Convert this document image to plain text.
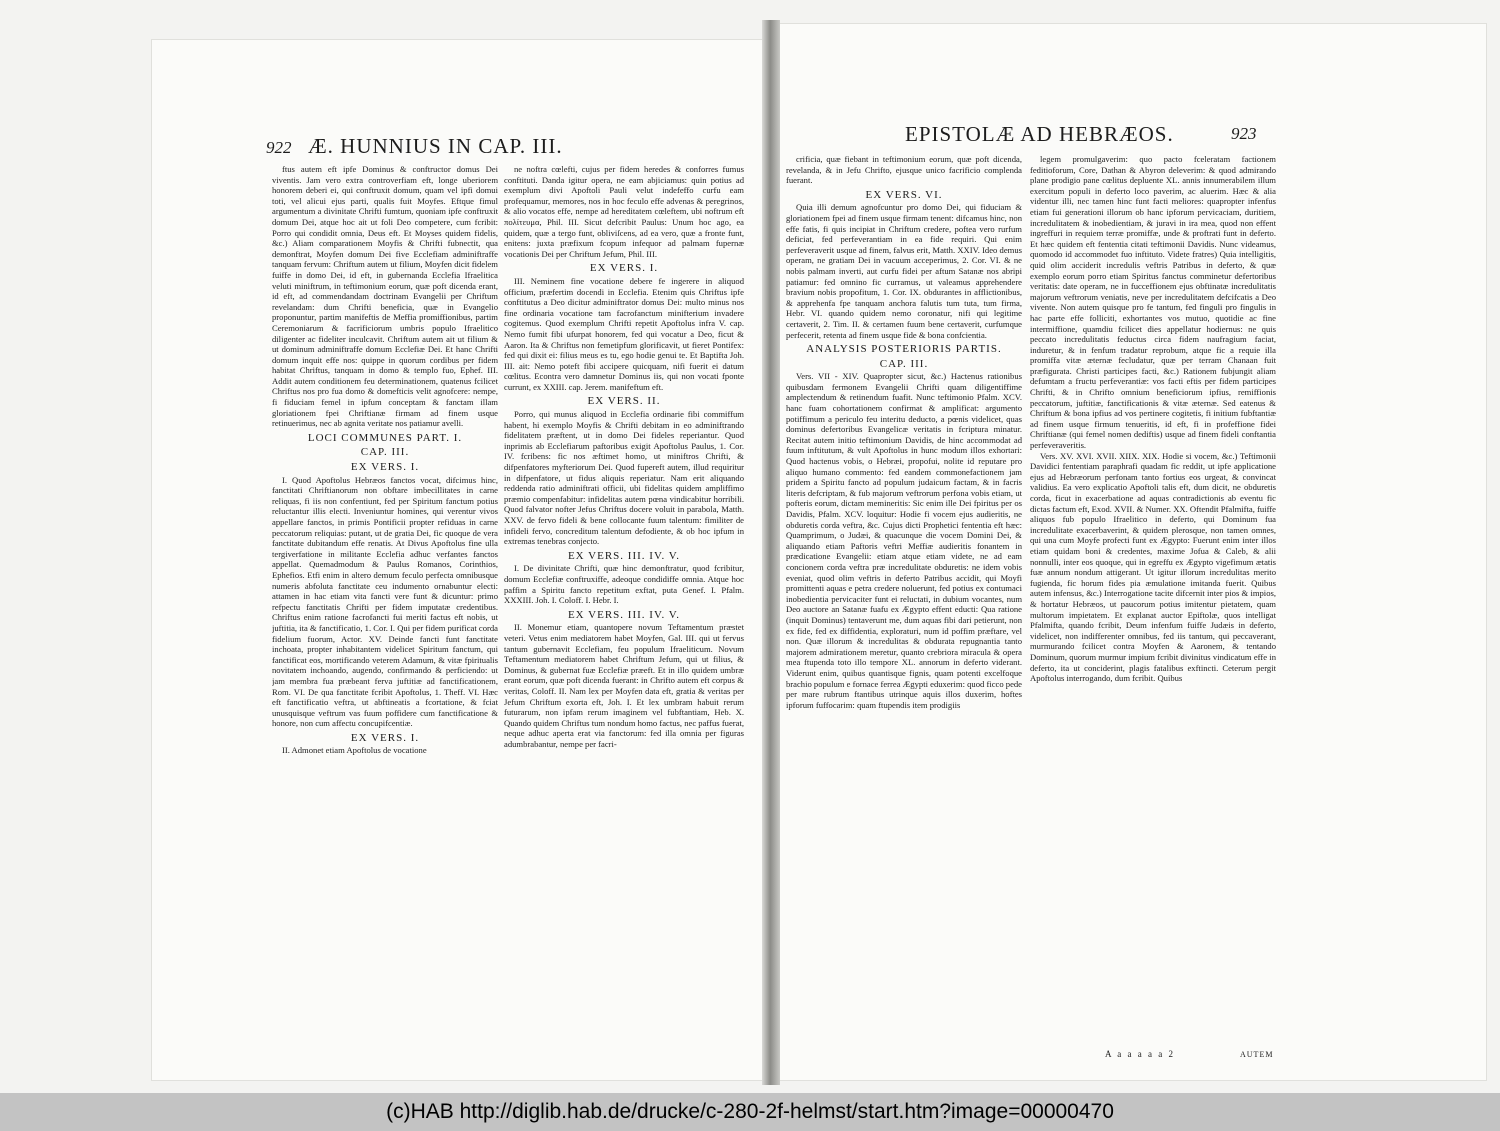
922 Æ. HUNNIUS IN CAP. III.

ftus autem eft ipfe Dominus & conftructor domus Dei viventis. Jam vero extra controverfiam eft, longe uberiorem honorem deberi ei, qui conftruxit domum, quam vel ipfi domui toti, vel alicui ejus parti, qualis fuit Moyfes. Eftque fimul argumentum a divinitate Chrifti fumtum, quoniam ipfe conftruxit domum Dei, atque hoc ait ut foli Deo competere, cum fcribit: Porro qui condidit omnia, Deus eft. Et Moyses quidem fidelis, &c.) Aliam comparationem Moyfis & Chrifti fubnectit, qua demonftrat, Moyfen domum Dei five Ecclefiam adminiftraffe tanquam fervum: Chriftum autem ut filium, Moyfen dicit fidelem fuiffe in domo Dei, id eft, in gubernanda Ecclefia Ifraelitica veluti miniftrum, in teftimonium eorum, quæ poft dicenda erant, id eft, ad commendandam doctrinam Evangelii per Chriftum revelandam: dum Chrifti beneficia, quæ in Evangelio proponuntur, partim manifeftis de Meffia promiffionibus, partim Ceremoniarum & facrificiorum umbris populo Ifraelitico diligenter ac fideliter inculcavit. Chriftum autem ait ut filium & ut dominum adminiftraffe domum Ecclefiæ Dei. Et hanc Chrifti domum inquit effe nos: quippe in quorum cordibus per fidem habitat Chriftus, tanquam in domo & templo fuo, Ephef. III. Addit autem conditionem feu determinationem, quatenus fcilicet Chriftus nos pro fua domo & domefticis velit agnofcere: nempe, fi fiduciam femel in ipfum conceptam & fanctam illam gloriationem fpei Chriftianæ firmam ad finem usque retinuerimus, nec ab agnita veritate nos patiamur avelli.

LOCI COMMUNES PART. I.
CAP. III.
EX VERS. I.

I. Quod Apoftolus Hebræos fanctos vocat, difcimus hinc, fanctitati Chriftianorum non obftare imbecillitates in carne reliquas, fi iis non confentiunt, fed per Spiritum fanctum potius reluctantur illis electi. Inveniuntur homines, qui verentur vivos appellare fanctos, in primis Pontificii propter refiduas in carne peccatorum reliquias: putant, ut de gratia Dei, fic quoque de vera fanctitate dubitandum effe renatis. At Divus Apoftolus fine ulla tergiverfatione in militante Ecclefia adhuc verfantes fanctos appellat. Quemadmodum & Paulus Romanos, Corinthios, Ephefios. Etfi enim in altero demum feculo perfecta omnibusque numeris abfoluta fanctitate ceu indumento ornabuntur electi: attamen in hac etiam vita fancti vere funt & dicuntur: primo refpectu fanctitatis Chrifti per fidem imputatæ credentibus. Chriftus enim ratione facrofancti fui meriti factus eft nobis, ut juftitia, ita & fanctificatio, 1. Cor. I. Qui per fidem purificat corda fidelium fuorum, Actor. XV. Deinde fancti funt fanctitate inchoata, propter inhabitantem videlicet Spiritum fanctum, qui fanctificat eos, mortificando veterem Adamum, & vitæ fpiritualis novitatem inchoando, augendo, confirmando & perficiendo: ut jam membra fua præbeant ferva juftitiæ ad fanctificationem, Rom. VI. De qua fanctitate fcribit Apoftolus, 1. Theff. VI. Hæc eft fanctificatio veftra, ut abftineatis a fcortatione, & fciat unusquisque veftrum vas fuum poffidere cum fanctificatione & honore, non cum affectu concupifcentiæ.

EX VERS. I.

II. Admonet etiam Apoftolus de vocatione

ne noftra cœlefti, cujus per fidem heredes & conforres fumus conftituti. Danda igitur opera, ne eam abjiciamus: quin potius ad exemplum divi Apoftoli Pauli velut indefeffo curfu eam profequamur, memores, nos in hoc feculo effe advenas & peregrinos, & alio vocatos effe, nempe ad hereditatem cœleftem, ubi noftrum eft πολίτευμα, Phil. III. Sicut defcribit Paulus: Unum hoc ago, ea quidem, quæ a tergo funt, obliviſcens, ad ea vero, quæ a fronte funt, enitens: juxta præfixum fcopum infequor ad palmam fupernæ vocationis Dei per Chriftum Jefum, Phil. III.

EX VERS. I.

III. Neminem fine vocatione debere fe ingerere in aliquod officium, præfertim docendi in Ecclefia. Etenim quis Chriftus ipfe conftitutus a Deo dicitur adminiftrator domus Dei: multo minus nos fine ordinaria vocatione tam facrofanctum minifterium invadere cogitemus. Quod exemplum Chrifti repetit Apoftolus infra V. cap. Nemo fumit fibi ufurpat honorem, fed qui vocatur a Deo, ficut & Aaron. Ita & Chriftus non femetipfum glorificavit, ut fieret Pontifex: fed qui dixit ei: filius meus es tu, ego hodie genui te. Et Baptifta Joh. III. ait: Nemo poteft fibi accipere quicquam, nifi fuerit ei datum cœlitus. Econtra vero damnetur Dominus iis, qui non vocati fponte currunt, ex XXIII. cap. Jerem. manifeftum eft.

EX VERS. II.

Porro, qui munus aliquod in Ecclefia ordinarie fibi commiffum habent, hi exemplo Moyfis & Chrifti debitam in eo adminiftrando fidelitatem præftent, ut in domo Dei fideles reperiantur. Quod inprimis ab Ecclefiarum paftoribus exigit Apoftolus Paulus, 1. Cor. IV. fcribens: fic nos æftimet homo, ut miniftros Chrifti, & difpenfatores myfteriorum Dei. Quod fupereft autem, illud requiritur in difpenfatore, ut fidus aliquis reperiatur. Nam erit aliquando reddenda ratio adminiftrati officii, ubi fidelitas quidem ampliffimo præmio compenfabitur: infidelitas autem pœna vindicabitur horribili. Quod falvator nofter Jefus Chriftus docere voluit in parabola, Matth. XXV. de fervo fideli & bene collocante fuum talentum: fimiliter de infideli fervo, concreditum talentum defodiente, & ob hoc ipfum in extremas tenebras conjecto.

EX VERS. III. IV. V.

I. De divinitate Chrifti, quæ hinc demonftratur, quod fcribitur, domum Ecclefiæ conftruxiffe, adeoque condidiffe omnia. Atque hoc paffim a Spiritu fancto repetitum exftat, puta Genef. I. Pfalm. XXXIII. Joh. I. Coloff. I. Hebr. I.

EX VERS. III. IV. V.

II. Monemur etiam, quantopere novum Teftamentum præstet veteri. Vetus enim mediatorem habet Moyfen, Gal. III. qui ut fervus tantum gubernavit Ecclefiam, feu populum Ifraeliticum. Novum Teftamentum mediatorem habet Chriftum Jefum, qui ut filius, & Dominus, & gubernat fuæ Ecclefiæ præeft. Et in illo quidem umbræ erant eorum, quæ poft dicenda fuerant: in Chrifto autem eft corpus & veritas, Coloff. II. Nam lex per Moyfen data eft, gratia & veritas per Jefum Chriftum exorta eft, Joh. I. Et lex umbram habuit rerum futurarum, non ipfam rerum imaginem vel fubftantiam, Heb. X. Quando quidem Chriftus tum nondum homo factus, nec paffus fuerat, neque adhuc aperta erat via fanctorum: fed illa omnia per figuras adumbrabantur, nempe per facri-

EPISTOLÆ AD HEBRÆOS.	923

crificia, quæ fiebant in teftimonium eorum, quæ poft dicenda, revelanda, & in Jefu Chrifto, ejusque unico facrificio complenda fuerant.

EX VERS. VI.

Quia illi demum agnofcuntur pro domo Dei, qui fiduciam & gloriationem fpei ad finem usque firmam tenent: difcamus hinc, non effe fatis, fi quis incipiat in Chriftum credere, poftea vero rurfum deficiat, fed perfeverantiam in ea fide requiri. Qui enim perfeveraverit usque ad finem, falvus erit, Matth. XXIV. Ideo demus operam, ne gratiam Dei in vacuum acceperimus, 2. Cor. VI. & ne nobis palmam inverti, aut curfu fidei per aftum Satanæ nos abripi patiamur: fed omnino fic curramus, ut valeamus apprehendere bravium nobis propofitum, 1. Cor. IX. obdurantes in afflictionibus, & apprehenfa fpe tanquam anchora falutis tum tuta, tum firma, Hebr. VI. quando quidem nemo coronatur, nifi qui legitime certaverit, 2. Tim. II. & certamen fuum bene certaverit, curfumque perfecerit, retenta ad finem usque fide & bona confcientia.

ANALYSIS POSTERIORIS PARTIS.
CAP. III.

Vers. VII - XIV. Quapropter sicut, &c.) Hactenus rationibus quibusdam fermonem Evangelii Chrifti quam diligentiffime amplectendum & retinendum fuafit. Nunc teftimonio Pfalm. XCV. hanc fuam cohortationem confirmat & amplificat: argumento potiffimum a periculo feu interitu deducto, a pœnis videlicet, quas dominus defertoribus Evangelicæ veritatis in fcriptura minatur. Recitat autem initio teftimonium Davidis, de hinc accommodat ad fuum inftitutum, & vult Apoftolus in hunc modum illos exhortari: Quod hactenus vobis, o Hebræi, propofui, nolite id reputare pro aliquo humano commento: fed eandem commonefactionem jam pridem a Spiritu fancto ad populum judaicum factam, & in facris literis defcriptam, & fub majorum veftrorum perfona vobis etiam, ut pofteris eorum, dictam memineritis: Sic enim ille Dei fpiritus per os Davidis, Pfalm. XCV. loquitur: Hodie fi vocem ejus audieritis, ne obduretis corda veftra, &c. Cujus dicti Prophetici fententia eft hæc: Quamprimum, o Judæi, & quacunque die vocem Domini Dei, & aliquando etiam Paftoris veftri Meffiæ audieritis fonantem in prædicatione Evangelii: etiam atque etiam videte, ne ad eam concionem corda veftra præ incredulitate obduretis: ne idem vobis eveniat, quod olim veftris in deferto Patribus accidit, qui Moyfi promittenti aquas e petra credere noluerunt, fed potius ex contumaci inobedientia pervicaciter funt ei reluctati, in dubium vocantes, num Deo auctore an Satanæ fuafu ex Ægypto effent educti: Qua ratione (inquit Dominus) tentaverunt me, dum aquas fibi dari petierunt, non ex fide, fed ex diffidentia, exploraturi, num id poffim præftare, vel non. Quæ illorum & incredulitas & obdurata repugnantia tanto majorem admirationem meretur, quanto crebriora miracula & opera mea ftupenda toto illo tempore XL. annorum in deferto viderant. Viderunt enim, quibus quantisque fignis, quam potenti excelfoque brachio populum e fornace ferrea Ægypti eduxerim: quod ficco pede per mare rubrum ftantibus utrinque aquis illos duxerim, hoftes ipforum fuffocarim: quam ftupendis item prodigiis

legem promulgaverim: quo pacto fceleratam factionem feditioforum, Core, Dathan & Abyron deleverim: & quod admirando plane prodigio pane cœlitus depluente XL. annis innumerabilem illum exercitum populi in deferto loco paverim, ac aluerim. Hæc & alia videntur illi, nec tamen hinc funt facti meliores: quapropter infenfus etiam fui generationi illorum ob hanc ipforum pervicaciam, duritiem, incredulitatem & inobedientiam, & juravi in ira mea, quod non effent ingreffuri in requiem terræ promiffæ, unde & proftrati funt in deferto. Et hæc quidem eft fententia citati teftimonii Davidis. Nunc videamus, quomodo id accommodet fuo inftituto. Videte fratres) Quia intelligitis, quid olim acciderit incredulis veftris Patribus in deferto, & quæ exemplo eorum porro etiam Spiritus fanctus comminetur defertoribus veritatis: date operam, ne in fucceffionem ejus obftinatæ incredulitatis majorum veftrorum veniatis, neve per incredulitatem defcifcatis a Deo vivente. Non autem quisque pro fe tantum, fed finguli pro fingulis in hac parte effe folliciti, exhortantes vos mutuo, quotidie ac fine intermiffione, quamdiu fcilicet dies appellatur hodiernus: ne quis peccato incredulitatis feductus circa fidem naufragium faciat, induretur, & in fenfum tradatur reprobum, atque fic a requie illa promiffa vitæ æternæ fecludatur, quæ per terram Chanaan fuit præfigurata. Christi participes facti, &c.) Rationem fubjungit aliam defumtam a fructu perfeverantiæ: vos facti eftis per fidem participes Chrifti, & in Chrifto omnium beneficiorum ipfius, remiffionis peccatorum, juftitiæ, fanctificationis & vitæ æternæ. Sed eatenus & Chriftum & bona ipfius ad vos pertinere cogitetis, fi initium fubftantiæ ad finem usque firmum tenueritis, id eft, fi in profeffione fidei Chriftianæ (qui femel nomen dediftis) usque ad finem fideli conftantia perfeveraveritis.

Vers. XV. XVI. XVII. XIIX. XIX. Hodie si vocem, &c.) Teftimonii Davidici fententiam paraphrafi quadam fic reddit, ut ipfe applicatione ejus ad Hebræorum perfonam tanto fortius eos urgeat, & convincat validius. Ea vero explicatio Apoftoli talis eft, dum dicit, ne obduretis corda, ficut in exacerbatione ad aquas contradictionis ab eventu fic dictas factum eft, Exod. XVII. & Numer. XX. Oftendit Pfalmifta, fuiffe aliquos fub populo Ifraelitico in deferto, qui Dominum fua incredulitate exacerbaverint, & quidem plerosque, non tamen omnes, qui una cum Moyfe profecti funt ex Ægypto: Fuerunt enim inter illos etiam quidam boni & credentes, maxime Jofua & Caleb, & alii nonnulli, inter eos quoque, qui in egreffu ex Ægypto vigefimum ætatis fuæ annum nondum attigerant. Ut igitur illorum incredulitas merito fugienda, fic horum fides pia æmulatione imitanda fuerit. Quibus autem infensus, &c.) Interrogatione tacite difcernit inter pios & impios, & hortatur Hebræos, ut paucorum potius imitentur pietatem, quam multorum impietatem. Et explanat auctor Epiftolæ, quos intelligat Pfalmifta, quando fcribit, Deum infenfum fuiffe Judæis in deferto, videlicet, non indifferenter omnibus, fed iis tantum, qui peccaverant, murmurando fcilicet contra Moyfen & Aaronem, & tentando Dominum, quorum murmur impium fcribit divinitus vindicatum effe in deferto, ita ut conciderint, plagis fatalibus exftincti. Ceterum pergit Apoftolus interrogando, dum fcribit. Quibus

A a a a a a 2	AUTEM
(c)HAB http://diglib.hab.de/drucke/c-280-2f-helmst/start.htm?image=00000470
